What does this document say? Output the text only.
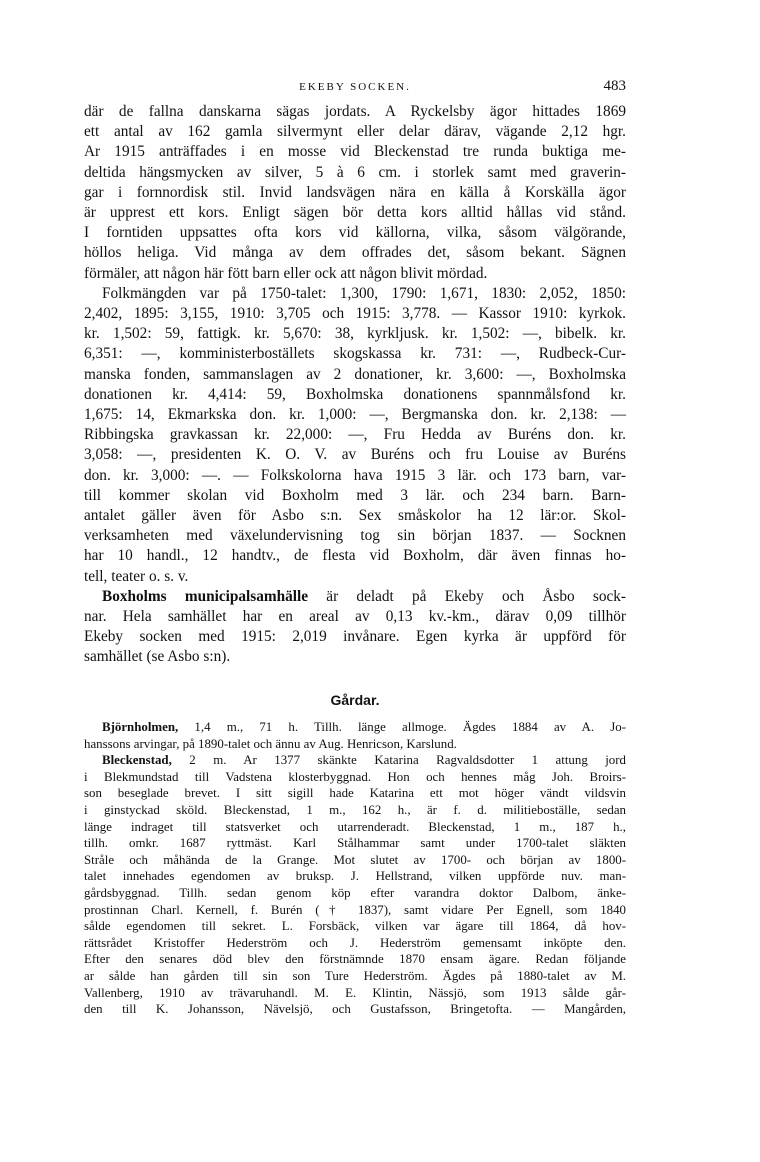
EKEBY SOCKEN.	483
där de fallna danskarna sägas jordats. A Ryckelsby ägor hittades 1869
ett antal av 162 gamla silvermynt eller delar därav, vägande 2,12 hgr.
Ar 1915 anträffades i en mosse vid Bleckenstad tre runda buktiga me-
deltida hängsmycken av silver, 5 à 6 cm. i storlek samt med graverin-
gar i fornnordisk stil. Invid landsvägen nära en källa å Korskälla ägor
är upprest ett kors. Enligt sägen bör detta kors alltid hållas vid stånd.
I forntiden uppsattes ofta kors vid källorna, vilka, såsom välgörande,
höllos heliga. Vid många av dem offrades det, såsom bekant. Sägnen
förmäler, att någon här fött barn eller ock att någon blivit mördad.
Folkmängden var på 1750-talet: 1,300, 1790: 1,671, 1830: 2,052, 1850:
2,402, 1895: 3,155, 1910: 3,705 och 1915: 3,778. — Kassor 1910: kyrkok.
kr. 1,502: 59, fattigk. kr. 5,670: 38, kyrkljusk. kr. 1,502: —, bibelk. kr.
6,351: —, komministerboställets skogskassa kr. 731: —, Rudbeck-Cur-
manska fonden, sammanslagen av 2 donationer, kr. 3,600: —, Boxholmska
donationen kr. 4,414: 59, Boxholmska donationens spannmålsfond kr.
1,675: 14, Ekmarkska don. kr. 1,000: —, Bergmanska don. kr. 2,138: —
Ribbingska gravkassan kr. 22,000: —, Fru Hedda av Buréns don. kr.
3,058: —, presidenten K. O. V. av Buréns och fru Louise av Buréns
don. kr. 3,000: —. — Folkskolorna hava 1915 3 lär. och 173 barn, var-
till kommer skolan vid Boxholm med 3 lär. och 234 barn. Barn-
antalet gäller även för Asbo s:n. Sex småskolor ha 12 lär:or. Skol-
verksamheten med växelundervisning tog sin början 1837. — Socknen
har 10 handl., 12 handtv., de flesta vid Boxholm, där även finnas ho-
tell, teater o. s. v.
Boxholms municipalsamhälle är deladt på Ekeby och Åsbo sock-
nar. Hela samhället har en areal av 0,13 kv.-km., därav 0,09 tillhör
Ekeby socken med 1915: 2,019 invånare. Egen kyrka är uppförd för
samhället (se Asbo s:n).
Gårdar.
Björnholmen, 1,4 m., 71 h. Tillh. länge allmoge. Ägdes 1884 av A. Jo-
hanssons arvingar, på 1890-talet och ännu av Aug. Henricson, Karslund.
Bleckenstad, 2 m. Ar 1377 skänkte Katarina Ragvaldsdotter 1 attung jord
i Blekmundstad till Vadstena klosterbyggnad. Hon och hennes måg Joh. Broirs-
son beseglade brevet. I sitt sigill hade Katarina ett mot höger vändt vildsvin
i ginstyckad sköld. Bleckenstad, 1 m., 162 h., är f. d. militieboställe, sedan
länge indraget till statsverket och utarrenderadt. Bleckenstad, 1 m., 187 h.,
tillh. omkr. 1687 ryttmäst. Karl Stålhammar samt under 1700-talet släkten
Stråle och måhända de la Grange. Mot slutet av 1700- och början av 1800-
talet innehades egendomen av bruksp. J. Hellstrand, vilken uppförde nuv. man-
gårdsbyggnad. Tillh. sedan genom köp efter varandra doktor Dalbom, änke-
prostinnan Charl. Kernell, f. Burén († 1837), samt vidare Per Egnell, som 1840
sålde egendomen till sekret. L. Forsbäck, vilken var ägare till 1864, då hov-
rättsrådet Kristoffer Hederström och J. Hederström gemensamt inköpte den.
Efter den senares död blev den förstnämnde 1870 ensam ägare. Redan följande
ar sålde han gården till sin son Ture Hederström. Ägdes på 1880-talet av M.
Vallenberg, 1910 av trävaruhandl. M. E. Klintin, Nässjö, som 1913 sålde går-
den till K. Johansson, Nävelsjö, och Gustafsson, Bringetofta. — Mangården,
